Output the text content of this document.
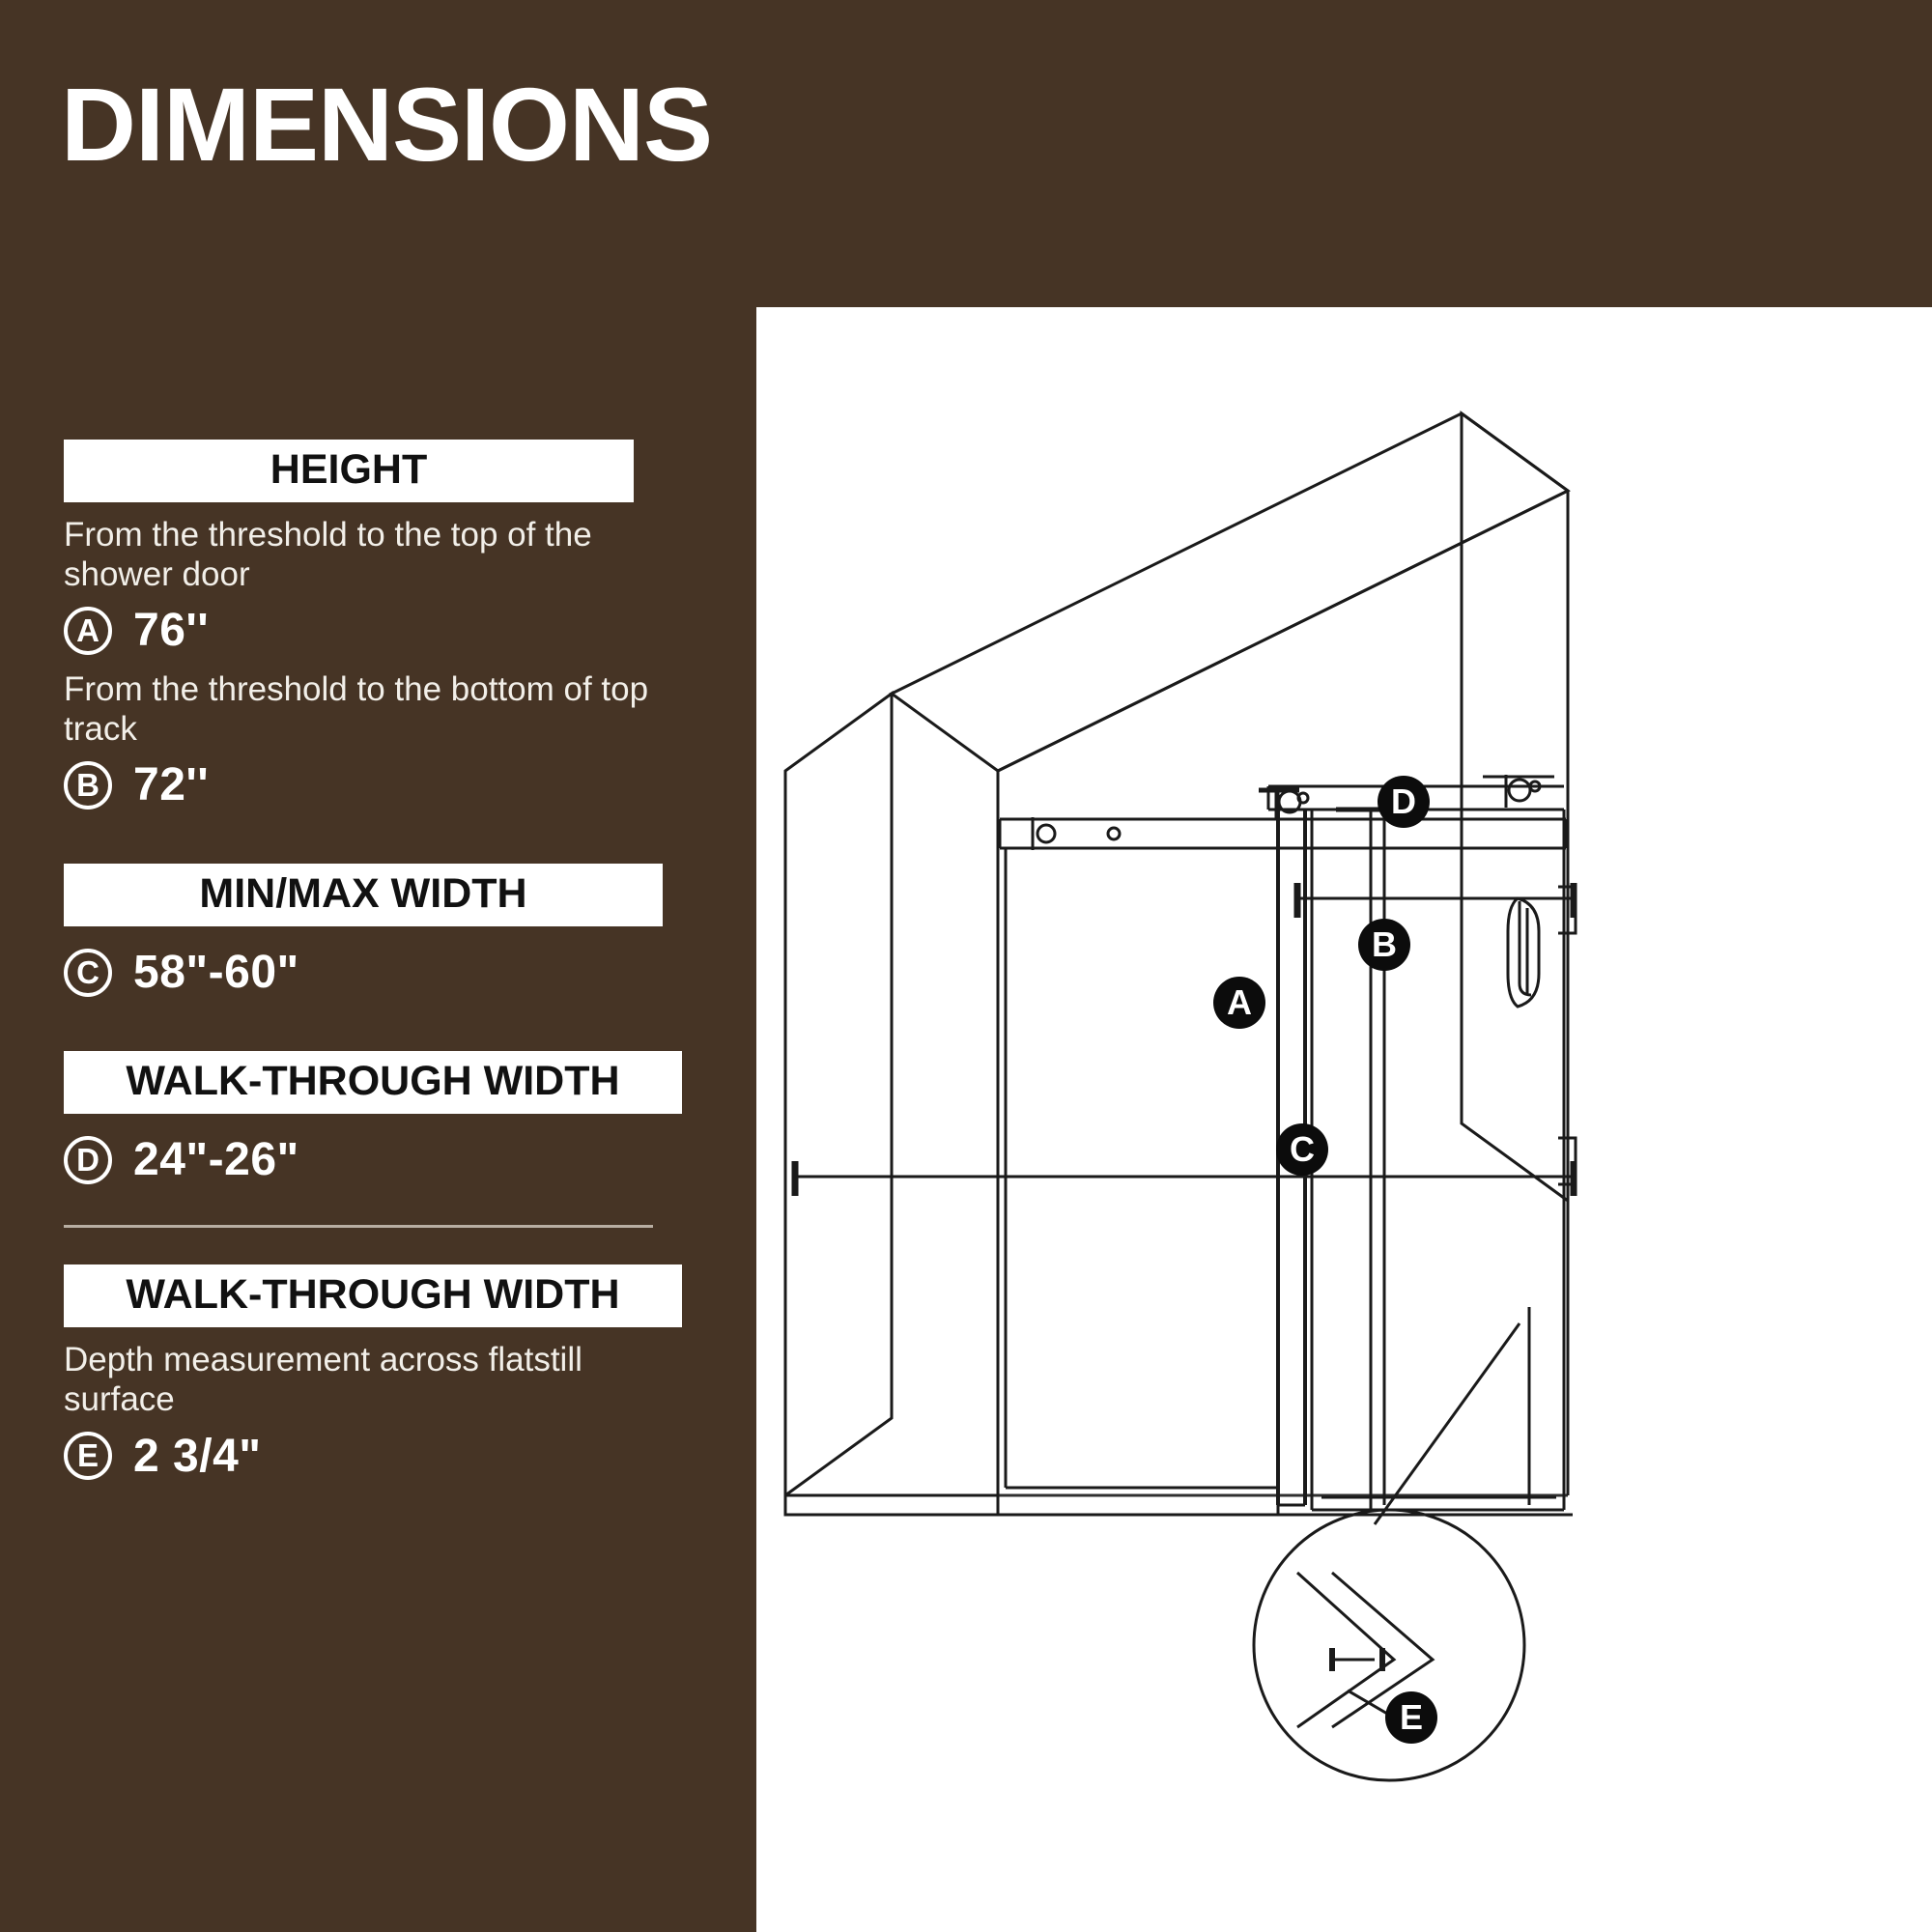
DIMENSIONS
HEIGHT
From the threshold to the top of the shower door
A 76''
From the threshold to the bottom of top track
B 72''
MIN/MAX WIDTH
C 58"-60"
WALK-THROUGH WIDTH
D 24"-26"
WALK-THROUGH WIDTH
Depth measurement across flatstill surface
E 2 3/4"
A
B
C
D
E
